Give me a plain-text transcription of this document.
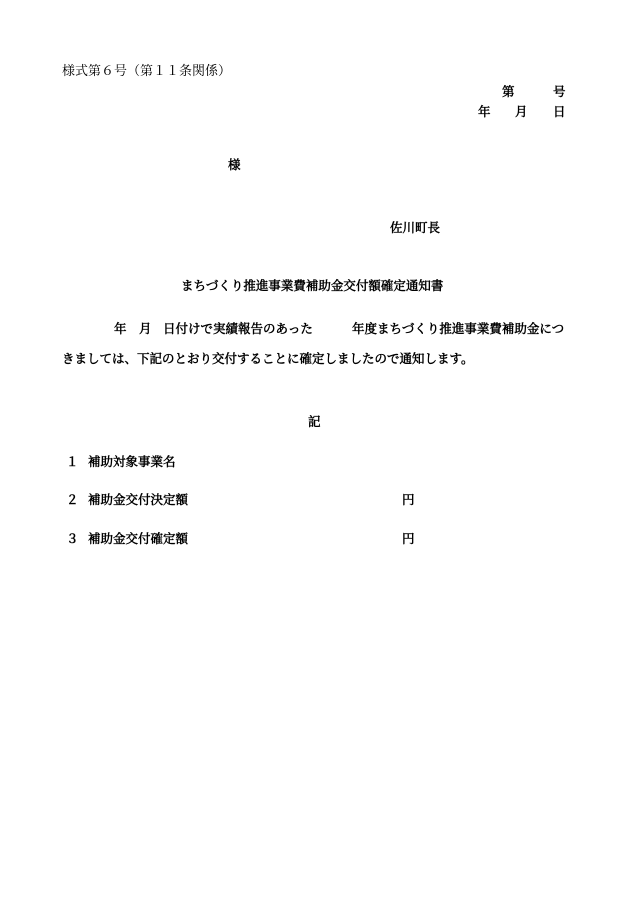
様式第６号（第１１条関係）
第	号
年 月 日
様
佐川町長
まちづくり推進事業費補助金交付額確定通知書
年 月 日付けで実績報告のあった	年度まちづくり推進事業費補助金につ
きましては、下記のとおり交付することに確定しましたので通知します。
記
１ 補助対象事業名
２ 補助金交付決定額	円
３ 補助金交付確定額	円
